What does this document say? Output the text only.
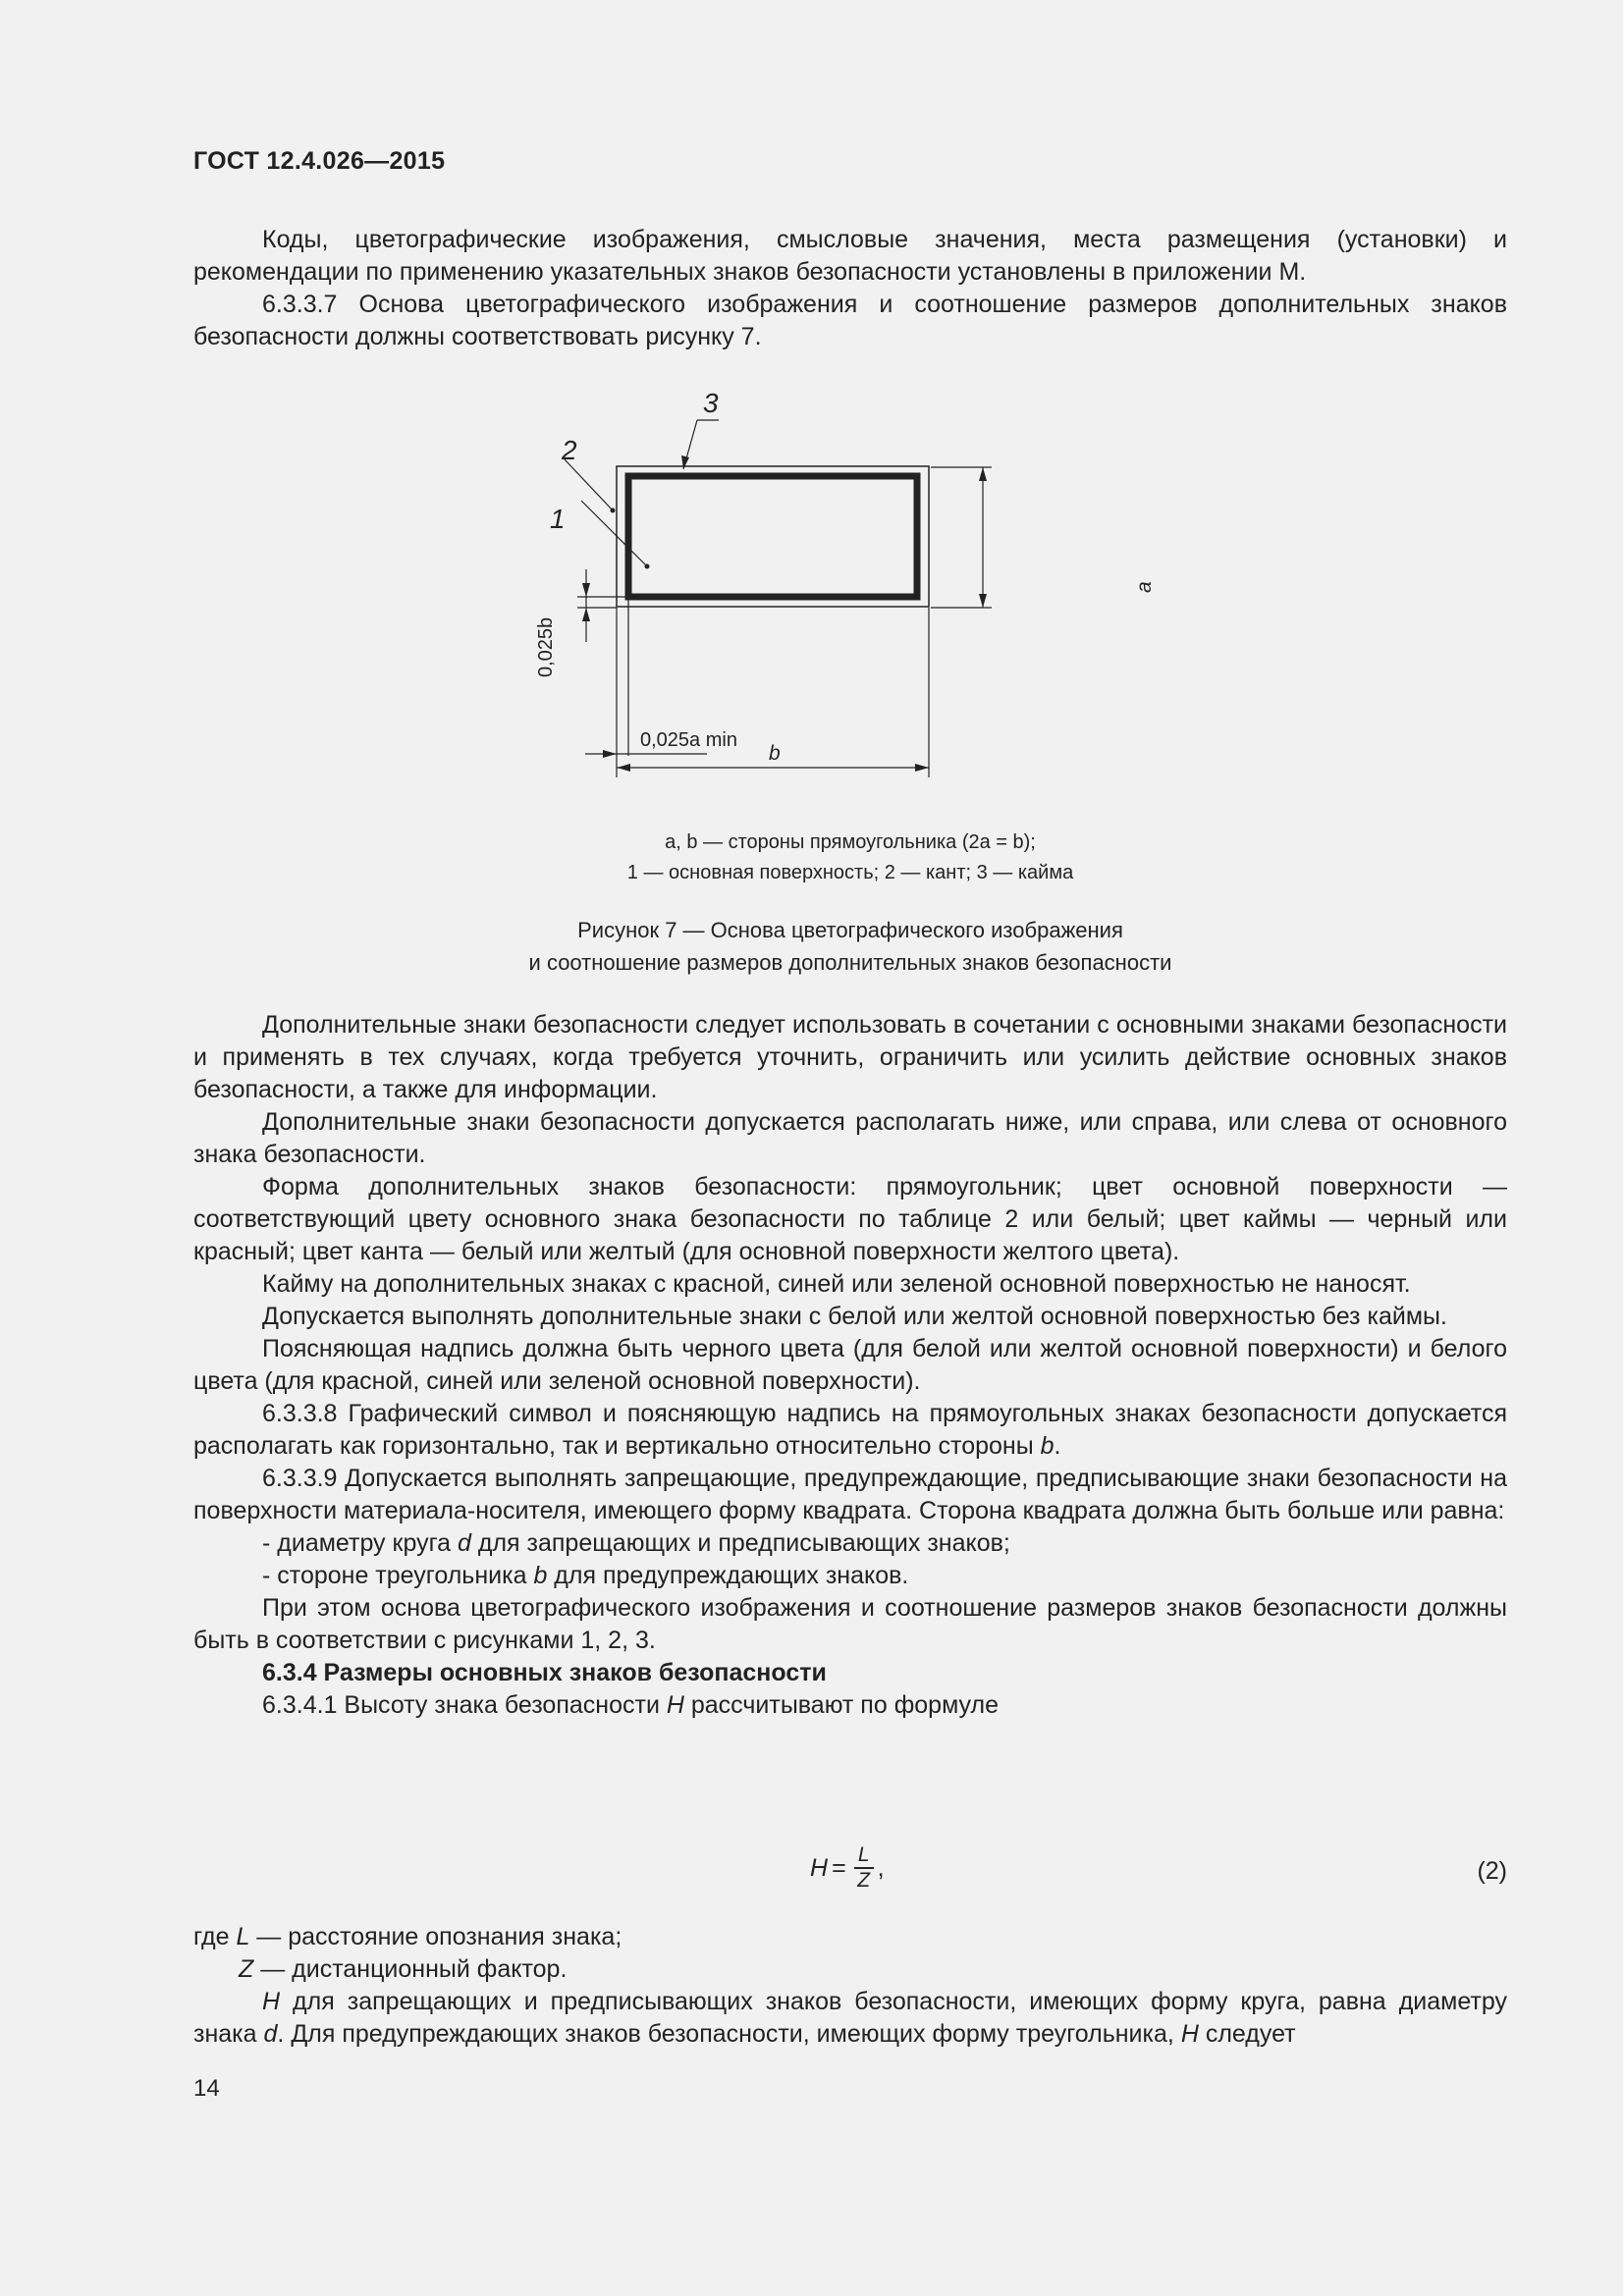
ГОСТ 12.4.026—2015

Коды, цветографические изображения, смысловые значения, места размещения (установки) и рекомендации по применению указательных знаков безопасности установлены в приложении М.

6.3.3.7 Основа цветографического изображения и соотношение размеров дополнительных знаков безопасности должны соответствовать рисунку 7.

1
2
3
a
b
0,025b
0,025a min
a, b — стороны прямоугольника (2a = b);
1 — основная поверхность; 2 — кант; 3 — кайма
Рисунок 7 — Основа цветографического изображения
и соотношение размеров дополнительных знаков безопасности

Дополнительные знаки безопасности следует использовать в сочетании с основными знаками безопасности и применять в тех случаях, когда требуется уточнить, ограничить или усилить действие основных знаков безопасности, а также для информации.

Дополнительные знаки безопасности допускается располагать ниже, или справа, или слева от основного знака безопасности.

Форма дополнительных знаков безопасности: прямоугольник; цвет основной поверхности — соответствующий цвету основного знака безопасности по таблице 2 или белый; цвет каймы — черный или красный; цвет канта — белый или желтый (для основной поверхности желтого цвета).

Кайму на дополнительных знаках с красной, синей или зеленой основной поверхностью не наносят.

Допускается выполнять дополнительные знаки с белой или желтой основной поверхностью без каймы.

Поясняющая надпись должна быть черного цвета (для белой или желтой основной поверхности) и белого цвета (для красной, синей или зеленой основной поверхности).

6.3.3.8 Графический символ и поясняющую надпись на прямоугольных знаках безопасности допускается располагать как горизонтально, так и вертикально относительно стороны b.

6.3.3.9 Допускается выполнять запрещающие, предупреждающие, предписывающие знаки безопасности на поверхности материала-носителя, имеющего форму квадрата. Сторона квадрата должна быть больше или равна:

- диаметру круга d для запрещающих и предписывающих знаков;

- стороне треугольника b для предупреждающих знаков.

При этом основа цветографического изображения и соотношение размеров знаков безопасности должны быть в соответствии с рисунками 1, 2, 3.

6.3.4 Размеры основных знаков безопасности

6.3.4.1 Высоту знака безопасности H рассчитывают по формуле

$H = \frac{L}{Z}$ ,	(2)
где L — расстояние опознания знака;
Z — дистанционный фактор.

H для запрещающих и предписывающих знаков безопасности, имеющих форму круга, равна диаметру знака d. Для предупреждающих знаков безопасности, имеющих форму треугольника, H следует

14
